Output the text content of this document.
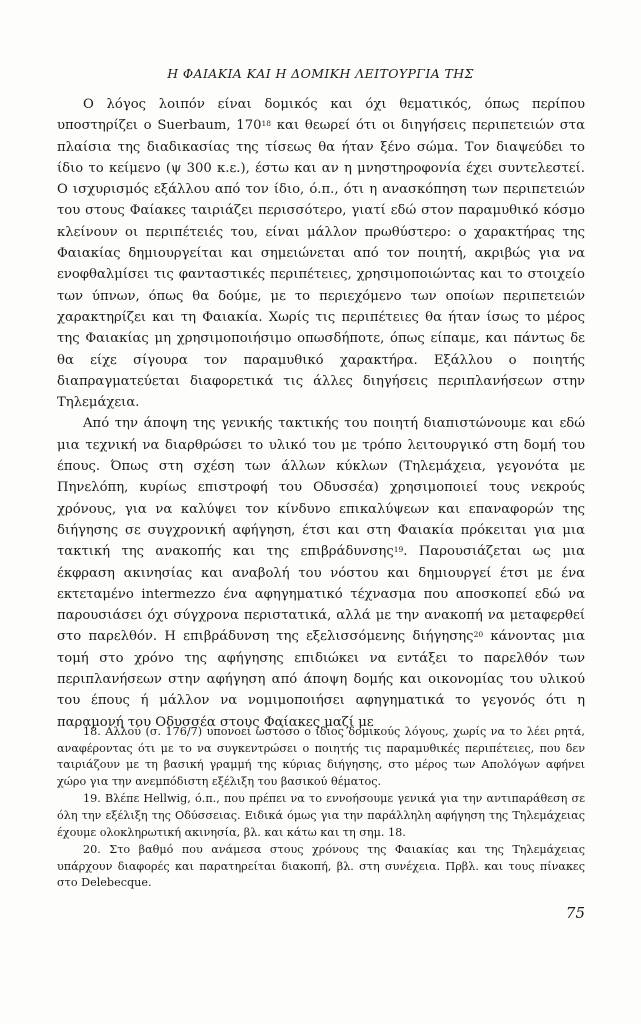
Η ΦΑΙΑΚΙΑ ΚΑΙ Η ΔΟΜΙΚΗ ΛΕΙΤΟΥΡΓΙΑ ΤΗΣ

Ο λόγος λοιπόν είναι δομικός και όχι θεματικός, όπως περίπου υποστηρίζει ο Suerbaum, $170^{18}$ και θεωρεί ότι οι διηγήσεις περιπετειών στα πλαίσια της διαδικασίας της τίσεως θα ήταν ξένο σώμα. Τον διαψεύδει το ίδιο το κείμενο (ψ 300 κ.ε.), έστω και αν η μνηστηροφονία έχει συντελεστεί. Ο ισχυρισμός εξάλλου από τον ίδιο, ό.π., ότι η ανασκόπηση των περιπετειών του στους Φαίακες ταιριάζει περισσότερο, γιατί εδώ στον παραμυθικό κόσμο κλείνουν οι περιπέτειές του, είναι μάλλον πρωθύστερο: ο χαρακτήρας της Φαιακίας δημιουργείται και σημειώνεται από τον ποιητή, ακριβώς για να ενοφθαλμίσει τις φανταστικές περιπέτειες, χρησιμοποιώντας και το στοιχείο των ύπνων, όπως θα δούμε, με το περιεχόμενο των οποίων περιπετειών χαρακτηρίζει και τη Φαιακία. Χωρίς τις περιπέτειες θα ήταν ίσως το μέρος της Φαιακίας μη χρησιμοποιήσιμο οπωσδήποτε, όπως είπαμε, και πάντως δε θα είχε σίγουρα τον παραμυθικό χαρακτήρα. Εξάλλου ο ποιητής διαπραγματεύεται διαφορετικά τις άλλες διηγήσεις περιπλανήσεων στην Τηλεμάχεια.

Από την άποψη της γενικής τακτικής του ποιητή διαπιστώνουμε και εδώ μια τεχνική να διαρθρώσει το υλικό του με τρόπο λειτουργικό στη δομή του έπους. Όπως στη σχέση των άλλων κύκλων (Τηλεμάχεια, γεγονότα με Πηνελόπη, κυρίως επιστροφή του Οδυσσέα) χρησιμοποιεί τους νεκρούς χρόνους, για να καλύψει τον κίνδυνο επικαλύψεων και επαναφορών της διήγησης σε συγχρονική αφήγηση, έτσι και στη Φαιακία πρόκειται για μια τακτική της ανακοπής και της επιβράδυνσης$^{19}$. Παρουσιάζεται ως μια έκφραση ακινησίας και αναβολή του νόστου και δημιουργεί έτσι με ένα εκτεταμένο intermezzo ένα αφηγηματικό τέχνασμα που αποσκοπεί εδώ να παρουσιάσει όχι σύγχρονα περιστατικά, αλλά με την ανακοπή να μεταφερθεί στο παρελθόν. Η επιβράδυνση της εξελισσόμενης διήγησης$^{20}$ κάνοντας μια τομή στο χρόνο της αφήγησης επιδιώκει να εντάξει το παρελθόν των περιπλανήσεων στην αφήγηση από άποψη δομής και οικονομίας του υλικού του έπους ή μάλλον να νομιμοποιήσει αφηγηματικά το γεγονός ότι η παραμονή του Οδυσσέα στους Φαίακες μαζί με

18. Αλλού (σ. 176/7) υπονοεί ωστόσο ο ίδιος δομικούς λόγους, χωρίς να το λέει ρητά, αναφέροντας ότι με το να συγκεντρώσει ο ποιητής τις παραμυθικές περιπέτειες, που δεν ταιριάζουν με τη βασική γραμμή της κύριας διήγησης, στο μέρος των Απολόγων αφήνει χώρο για την ανεμπόδιστη εξέλιξη του βασικού θέματος.

19. Βλέπε Hellwig, ό.π., που πρέπει να το εννοήσουμε γενικά για την αντιπαράθεση σε όλη την εξέλιξη της Οδύσσειας. Ειδικά όμως για την παράλληλη αφήγηση της Τηλεμάχειας έχουμε ολοκληρωτική ακινησία, βλ. και κάτω και τη σημ. 18.

20. Στο βαθμό που ανάμεσα στους χρόνους της Φαιακίας και της Τηλεμάχειας υπάρχουν διαφορές και παρατηρείται διακοπή, βλ. στη συνέχεια. Πρβλ. και τους πίνακες στο Delebecque.

75
